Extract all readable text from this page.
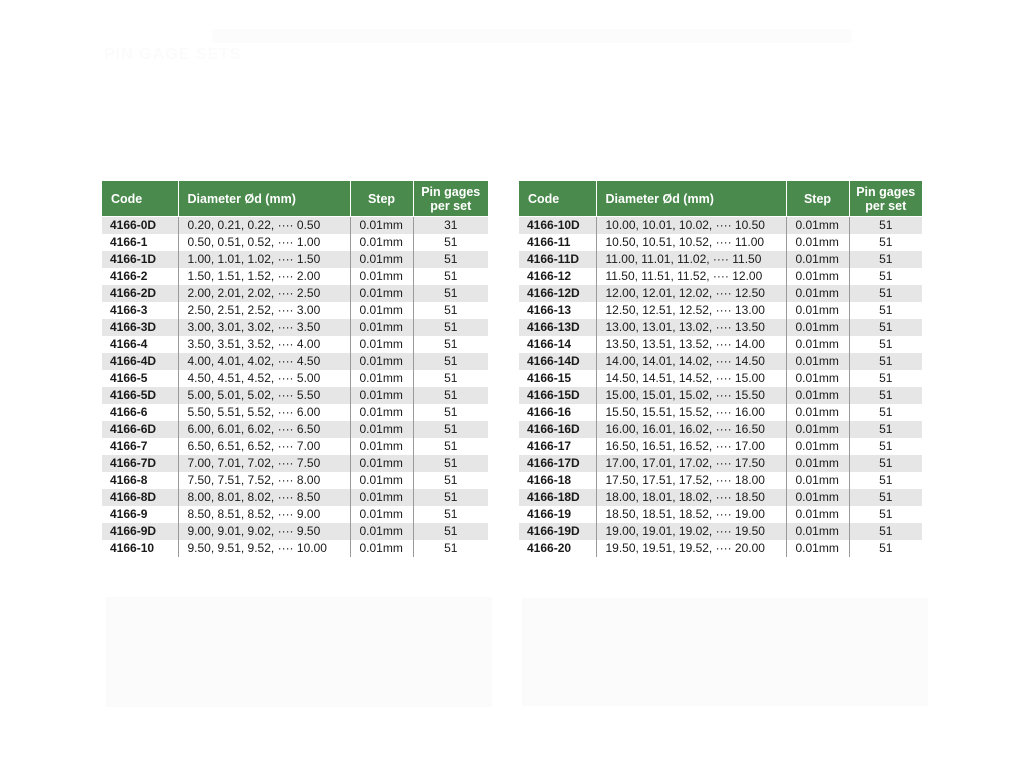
PIN GAGE SETS
Code	Diameter Ød (mm)	Step	Pin gages
per set
4166-0D	0.20, 0.21, 0.22, ···· 0.50	0.01mm	31
4166-1	0.50, 0.51, 0.52, ···· 1.00	0.01mm	51
4166-1D	1.00, 1.01, 1.02, ···· 1.50	0.01mm	51
4166-2	1.50, 1.51, 1.52, ···· 2.00	0.01mm	51
4166-2D	2.00, 2.01, 2.02, ···· 2.50	0.01mm	51
4166-3	2.50, 2.51, 2.52, ···· 3.00	0.01mm	51
4166-3D	3.00, 3.01, 3.02, ···· 3.50	0.01mm	51
4166-4	3.50, 3.51, 3.52, ···· 4.00	0.01mm	51
4166-4D	4.00, 4.01, 4.02, ···· 4.50	0.01mm	51
4166-5	4.50, 4.51, 4.52, ···· 5.00	0.01mm	51
4166-5D	5.00, 5.01, 5.02, ···· 5.50	0.01mm	51
4166-6	5.50, 5.51, 5.52, ···· 6.00	0.01mm	51
4166-6D	6.00, 6.01, 6.02, ···· 6.50	0.01mm	51
4166-7	6.50, 6.51, 6.52, ···· 7.00	0.01mm	51
4166-7D	7.00, 7.01, 7.02, ···· 7.50	0.01mm	51
4166-8	7.50, 7.51, 7.52, ···· 8.00	0.01mm	51
4166-8D	8.00, 8.01, 8.02, ···· 8.50	0.01mm	51
4166-9	8.50, 8.51, 8.52, ···· 9.00	0.01mm	51
4166-9D	9.00, 9.01, 9.02, ···· 9.50	0.01mm	51
4166-10	9.50, 9.51, 9.52, ···· 10.00	0.01mm	51
Code	Diameter Ød (mm)	Step	Pin gages
per set
4166-10D	10.00, 10.01, 10.02, ···· 10.50	0.01mm	51
4166-11	10.50, 10.51, 10.52, ···· 11.00	0.01mm	51
4166-11D	11.00, 11.01, 11.02, ···· 11.50	0.01mm	51
4166-12	11.50, 11.51, 11.52, ···· 12.00	0.01mm	51
4166-12D	12.00, 12.01, 12.02, ···· 12.50	0.01mm	51
4166-13	12.50, 12.51, 12.52, ···· 13.00	0.01mm	51
4166-13D	13.00, 13.01, 13.02, ···· 13.50	0.01mm	51
4166-14	13.50, 13.51, 13.52, ···· 14.00	0.01mm	51
4166-14D	14.00, 14.01, 14.02, ···· 14.50	0.01mm	51
4166-15	14.50, 14.51, 14.52, ···· 15.00	0.01mm	51
4166-15D	15.00, 15.01, 15.02, ···· 15.50	0.01mm	51
4166-16	15.50, 15.51, 15.52, ···· 16.00	0.01mm	51
4166-16D	16.00, 16.01, 16.02, ···· 16.50	0.01mm	51
4166-17	16.50, 16.51, 16.52, ···· 17.00	0.01mm	51
4166-17D	17.00, 17.01, 17.02, ···· 17.50	0.01mm	51
4166-18	17.50, 17.51, 17.52, ···· 18.00	0.01mm	51
4166-18D	18.00, 18.01, 18.02, ···· 18.50	0.01mm	51
4166-19	18.50, 18.51, 18.52, ···· 19.00	0.01mm	51
4166-19D	19.00, 19.01, 19.02, ···· 19.50	0.01mm	51
4166-20	19.50, 19.51, 19.52, ···· 20.00	0.01mm	51
